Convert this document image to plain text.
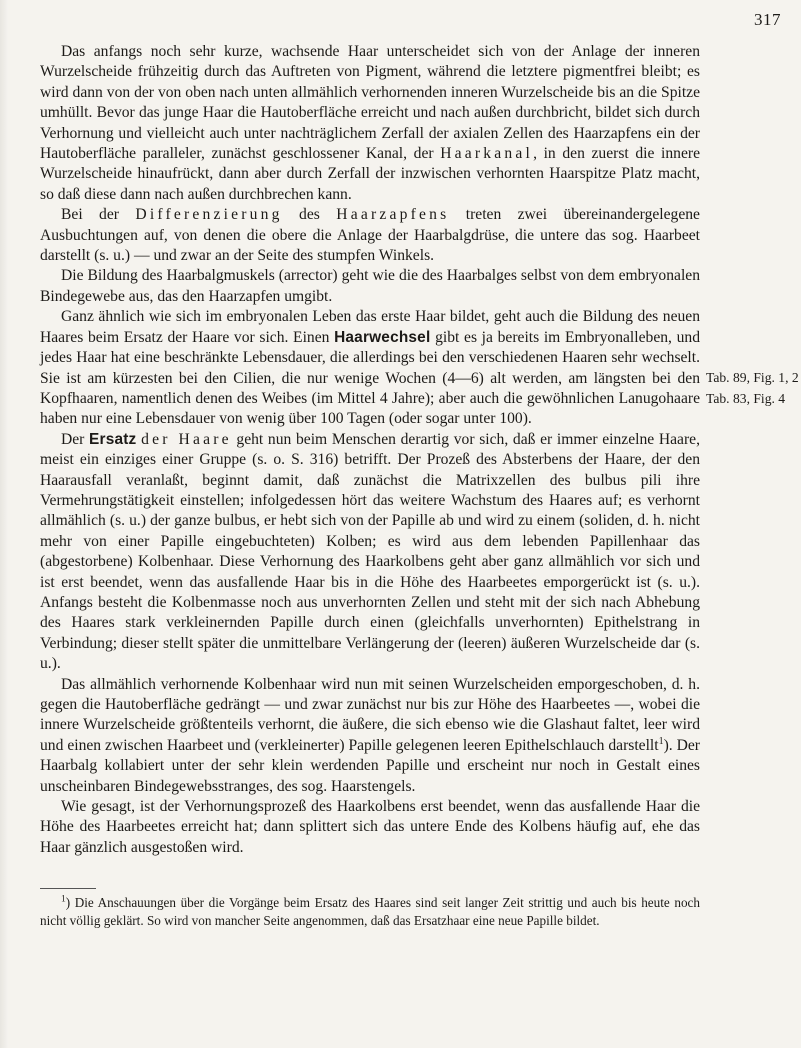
317

Das anfangs noch sehr kurze, wachsende Haar unterscheidet sich von der Anlage der inneren Wurzelscheide frühzeitig durch das Auftreten von Pigment, während die letztere pigmentfrei bleibt; es wird dann von der von oben nach unten allmählich verhornenden inneren Wurzelscheide bis an die Spitze umhüllt. Bevor das junge Haar die Hautoberfläche erreicht und nach außen durchbricht, bildet sich durch Verhornung und vielleicht auch unter nachträglichem Zerfall der axialen Zellen des Haarzapfens ein der Hautoberfläche paralleler, zunächst geschlossener Kanal, der Haarkanal, in den zuerst die innere Wurzelscheide hinaufrückt, dann aber durch Zerfall der inzwischen verhornten Haarspitze Platz macht, so daß diese dann nach außen durchbrechen kann.

Bei der Differenzierung des Haarzapfens treten zwei übereinandergelegene Ausbuchtungen auf, von denen die obere die Anlage der Haarbalgdrüse, die untere das sog. Haarbeet darstellt (s. u.) — und zwar an der Seite des stumpfen Winkels.

Die Bildung des Haarbalgmuskels (arrector) geht wie die des Haarbalges selbst von dem embryonalen Bindegewebe aus, das den Haarzapfen umgibt.

Ganz ähnlich wie sich im embryonalen Leben das erste Haar bildet, geht auch die Bildung des neuen Haares beim Ersatz der Haare vor sich. Einen Haarwechsel gibt es ja bereits im Embryonalleben, und jedes Haar hat eine beschränkte Lebensdauer, die allerdings bei den verschiedenen Haaren sehr wechselt. Sie ist am kürzesten bei den Cilien, die nur wenige Wochen (4—6) alt werden, am längsten bei den Kopfhaaren, namentlich denen des Weibes (im Mittel 4 Jahre); aber auch die gewöhnlichen Lanugohaare haben nur eine Lebensdauer von wenig über 100 Tagen (oder sogar unter 100).

Der Ersatz der Haare geht nun beim Menschen derartig vor sich, daß er immer einzelne Haare, meist ein einziges einer Gruppe (s. o. S. 316) betrifft. Der Prozeß des Absterbens der Haare, der den Haarausfall veranlaßt, beginnt damit, daß zunächst die Matrixzellen des bulbus pili ihre Vermehrungstätigkeit einstellen; infolgedessen hört das weitere Wachstum des Haares auf; es verhornt allmählich (s. u.) der ganze bulbus, er hebt sich von der Papille ab und wird zu einem (soliden, d. h. nicht mehr von einer Papille eingebuchteten) Kolben; es wird aus dem lebenden Papillenhaar das (abgestorbene) Kolbenhaar. Diese Verhornung des Haarkolbens geht aber ganz allmählich vor sich und ist erst beendet, wenn das ausfallende Haar bis in die Höhe des Haarbeetes emporgerückt ist (s. u.). Anfangs besteht die Kolbenmasse noch aus unverhornten Zellen und steht mit der sich nach Abhebung des Haares stark verkleinernden Papille durch einen (gleichfalls unverhornten) Epithelstrang in Verbindung; dieser stellt später die unmittelbare Verlängerung der (leeren) äußeren Wurzelscheide dar (s. u.).

Das allmählich verhornende Kolbenhaar wird nun mit seinen Wurzelscheiden emporgeschoben, d. h. gegen die Hautoberfläche gedrängt — und zwar zunächst nur bis zur Höhe des Haarbeetes —, wobei die innere Wurzelscheide größtenteils verhornt, die äußere, die sich ebenso wie die Glashaut faltet, leer wird und einen zwischen Haarbeet und (verkleinerter) Papille gelegenen leeren Epithelschlauch darstellt$^1$). Der Haarbalg kollabiert unter der sehr klein werdenden Papille und erscheint nur noch in Gestalt eines unscheinbaren Bindegewebsstranges, des sog. Haarstengels.

Wie gesagt, ist der Verhornungsprozeß des Haarkolbens erst beendet, wenn das ausfallende Haar die Höhe des Haarbeetes erreicht hat; dann splittert sich das untere Ende des Kolbens häufig auf, ehe das Haar gänzlich ausgestoßen wird.

Tab. 89, Fig. 1, 2
Tab. 83, Fig. 4

$^1$) Die Anschauungen über die Vorgänge beim Ersatz des Haares sind seit langer Zeit strittig und auch bis heute noch nicht völlig geklärt. So wird von mancher Seite angenommen, daß das Ersatzhaar eine neue Papille bildet.
